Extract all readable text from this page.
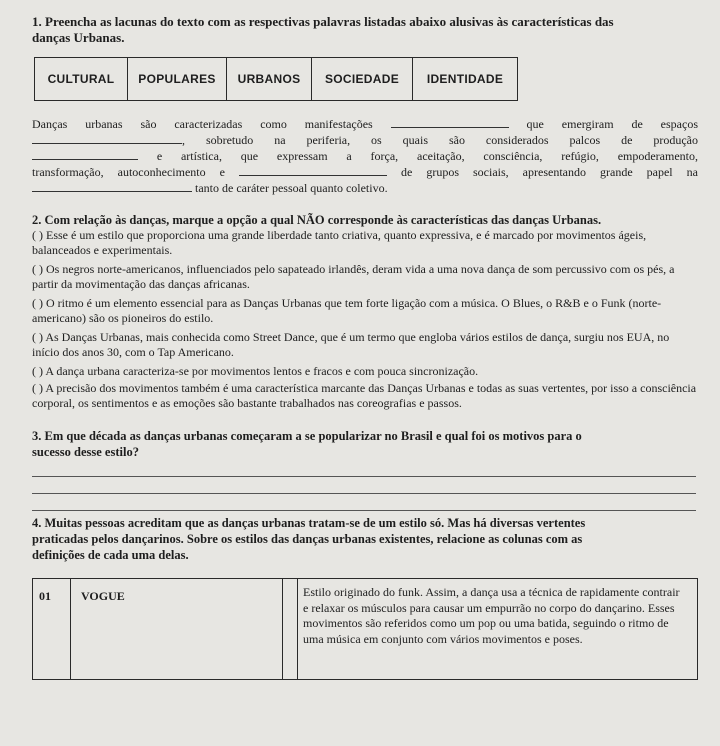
1. Preencha as lacunas do texto com as respectivas palavras listadas abaixo alusivas às características das
danças Urbanas.
CULTURAL	POPULARES	URBANOS	SOCIEDADE	IDENTIDADE
Danças urbanas são caracterizadas como manifestações	que emergiram de espaços
, sobretudo na periferia, os quais são considerados palcos de produção
e artística, que expressam a força, aceitação, consciência, refúgio, empoderamento,
transformação, autoconhecimento e	de grupos sociais, apresentando grande papel na
tanto de caráter pessoal quanto coletivo.
2. Com relação às danças, marque a opção a qual NÃO corresponde às características das danças Urbanas.
( ) Esse é um estilo que proporciona uma grande liberdade tanto criativa, quanto expressiva, e é marcado por movimentos ágeis, balanceados e experimentais.
( ) Os negros norte-americanos, influenciados pelo sapateado irlandês, deram vida a uma nova dança de som percussivo com os pés, a partir da movimentação das danças africanas.
( ) O ritmo é um elemento essencial para as Danças Urbanas que tem forte ligação com a música. O Blues, o R&B e o Funk (norte-americano) são os pioneiros do estilo.
( ) As Danças Urbanas, mais conhecida como Street Dance, que é um termo que engloba vários estilos de dança, surgiu nos EUA, no início dos anos 30, com o Tap Americano.
( ) A dança urbana caracteriza-se por movimentos lentos e fracos e com pouca sincronização.
( ) A precisão dos movimentos também é uma característica marcante das Danças Urbanas e todas as suas vertentes, por isso a consciência corporal, os sentimentos e as emoções são bastante trabalhados nas coreografias e passos.
3. Em que década as danças urbanas começaram a se popularizar no Brasil e qual foi os motivos para o
sucesso desse estilo?
4. Muitas pessoas acreditam que as danças urbanas tratam-se de um estilo só. Mas há diversas vertentes
praticadas pelos dançarinos. Sobre os estilos das danças urbanas existentes, relacione as colunas com as
definições de cada uma delas.
01	VOGUE	Estilo originado do funk. Assim, a dança usa a técnica de rapidamente contrair e relaxar os músculos para causar um empurrão no corpo do dançarino. Esses movimentos são referidos como um pop ou uma batida, seguindo o ritmo de uma música em conjunto com vários movimentos e poses.
